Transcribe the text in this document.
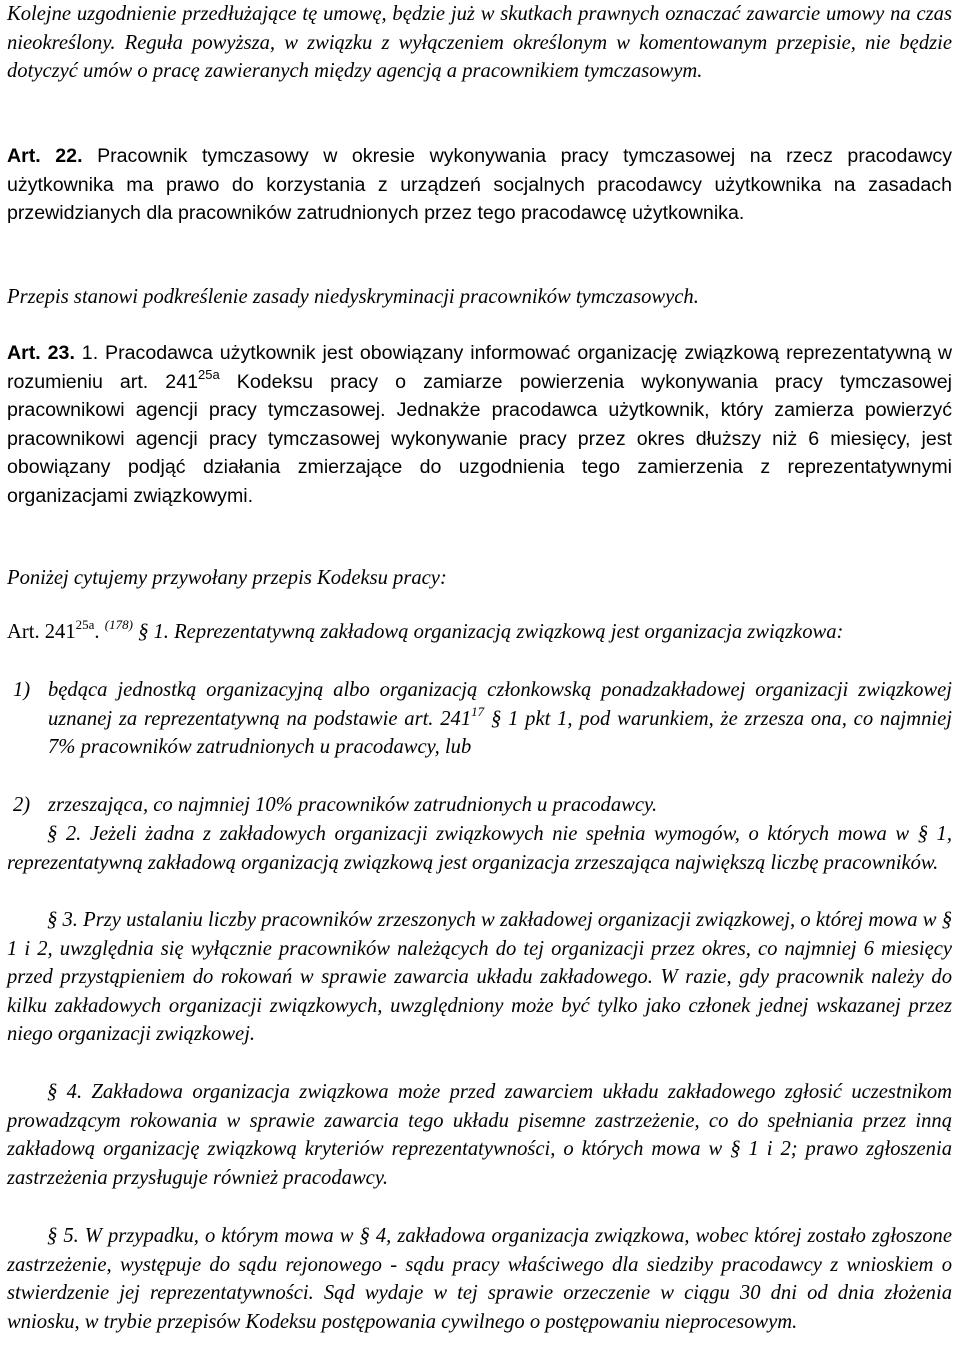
Kolejne uzgodnienie przedłużające tę umowę, będzie już w skutkach prawnych oznaczać zawarcie umowy na czas nieokreślony. Reguła powyższa, w związku z wyłączeniem określonym w komentowanym przepisie, nie będzie dotyczyć umów o pracę zawieranych między agencją a pracownikiem tymczasowym.

Art. 22. Pracownik tymczasowy w okresie wykonywania pracy tymczasowej na rzecz pracodawcy użytkownika ma prawo do korzystania z urządzeń socjalnych pracodawcy użytkownika na zasadach przewidzianych dla pracowników zatrudnionych przez tego pracodawcę użytkownika.

Przepis stanowi podkreślenie zasady niedyskryminacji pracowników tymczasowych.

Art. 23. 1. Pracodawca użytkownik jest obowiązany informować organizację związkową reprezentatywną w rozumieniu art. $241^{25a}$ Kodeksu pracy o zamiarze powierzenia wykonywania pracy tymczasowej pracownikowi agencji pracy tymczasowej. Jednakże pracodawca użytkownik, który zamierza powierzyć pracownikowi agencji pracy tymczasowej wykonywanie pracy przez okres dłuższy niż 6 miesięcy, jest obowiązany podjąć działania zmierzające do uzgodnienia tego zamierzenia z reprezentatywnymi organizacjami związkowymi.

Poniżej cytujemy przywołany przepis Kodeksu pracy:

Art. $241^{25a}$. $^{(178)}$ § 1. Reprezentatywną zakładową organizacją związkową jest organizacja związkowa:

1) będąca jednostką organizacyjną albo organizacją członkowską ponadzakładowej organizacji związkowej uznanej za reprezentatywną na podstawie art. $241^{17}$ § 1 pkt 1, pod warunkiem, że zrzesza ona, co najmniej 7% pracowników zatrudnionych u pracodawcy, lub

2) zrzeszająca, co najmniej 10% pracowników zatrudnionych u pracodawcy.

§ 2. Jeżeli żadna z zakładowych organizacji związkowych nie spełnia wymogów, o których mowa w § 1, reprezentatywną zakładową organizacją związkową jest organizacja zrzeszająca największą liczbę pracowników.

§ 3. Przy ustalaniu liczby pracowników zrzeszonych w zakładowej organizacji związkowej, o której mowa w § 1 i 2, uwzględnia się wyłącznie pracowników należących do tej organizacji przez okres, co najmniej 6 miesięcy przed przystąpieniem do rokowań w sprawie zawarcia układu zakładowego. W razie, gdy pracownik należy do kilku zakładowych organizacji związkowych, uwzględniony może być tylko jako członek jednej wskazanej przez niego organizacji związkowej.

§ 4. Zakładowa organizacja związkowa może przed zawarciem układu zakładowego zgłosić uczestnikom prowadzącym rokowania w sprawie zawarcia tego układu pisemne zastrzeżenie, co do spełniania przez inną zakładową organizację związkową kryteriów reprezentatywności, o których mowa w § 1 i 2; prawo zgłoszenia zastrzeżenia przysługuje również pracodawcy.

§ 5. W przypadku, o którym mowa w § 4, zakładowa organizacja związkowa, wobec której zostało zgłoszone zastrzeżenie, występuje do sądu rejonowego - sądu pracy właściwego dla siedziby pracodawcy z wnioskiem o stwierdzenie jej reprezentatywności. Sąd wydaje w tej sprawie orzeczenie w ciągu 30 dni od dnia złożenia wniosku, w trybie przepisów Kodeksu postępowania cywilnego o postępowaniu nieprocesowym.
